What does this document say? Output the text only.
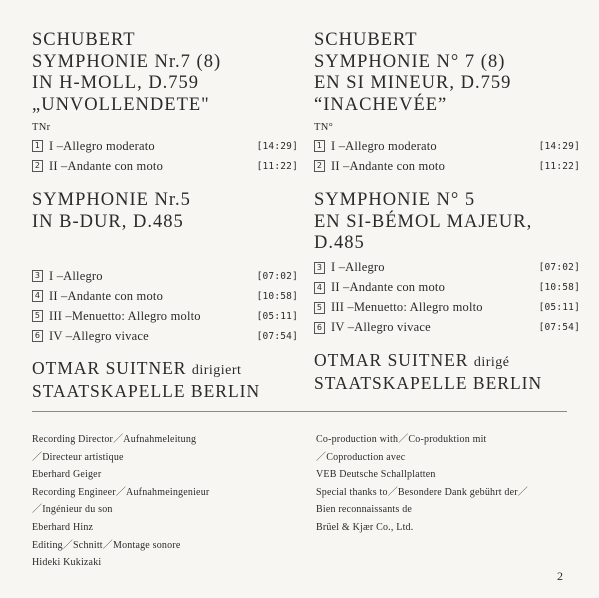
SCHUBERT
SYMPHONIE Nr.7 (8)
IN H-MOLL, D.759
„UNVOLLENDETE"
TNr
1 I –Allegro moderato	[14:29]
2 II –Andante con moto	[11:22]
SYMPHONIE Nr.5
IN B-DUR, D.485
3 I –Allegro	[07:02]
4 II –Andante con moto	[10:58]
5 III –Menuetto: Allegro molto	[05:11]
6 IV –Allegro vivace	[07:54]
OTMAR SUITNER dirigiert
STAATSKAPELLE BERLIN
SCHUBERT
SYMPHONIE N° 7 (8)
EN SI MINEUR, D.759
“INACHEVÉE”
TN°
1 I –Allegro moderato	[14:29]
2 II –Andante con moto	[11:22]
SYMPHONIE N° 5
EN SI-BÉMOL MAJEUR,
D.485
3 I –Allegro	[07:02]
4 II –Andante con moto	[10:58]
5 III –Menuetto: Allegro molto	[05:11]
6 IV –Allegro vivace	[07:54]
OTMAR SUITNER dirigé
STAATSKAPELLE BERLIN
Recording Director／Aufnahmeleitung
／Directeur artistique
Eberhard Geiger
Recording Engineer／Aufnahmeingenieur
／Ingénieur du son
Eberhard Hinz
Editing／Schnitt／Montage sonore
Hideki Kukizaki
Co-production with／Co-produktion mit
／Coproduction avec
VEB Deutsche Schallplatten
Special thanks to／Besondere Dank gebührt der／
Bien reconnaissants de
Brüel & Kjær Co., Ltd.
2
